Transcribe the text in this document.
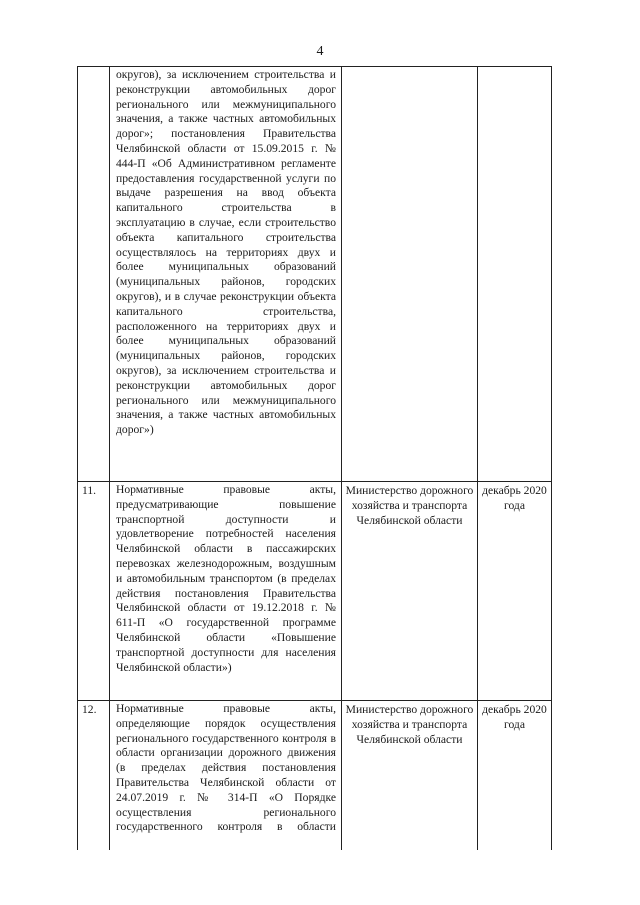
4

	округов), за исключением строительства и реконструкции автомобильных дорог регионального или межмуниципального значения, а также частных автомобильных дорог»; постановления Правительства Челябинской области от 15.09.2015 г. № 444-П «Об Административном регламенте предоставления государственной услуги по выдаче разрешения на ввод объекта капитального строительства в эксплуатацию в случае, если строительство объекта капитального строительства осуществлялось на территориях двух и более муниципальных образований (муниципальных районов, городских округов), и в случае реконструкции объекта капитального строительства, расположенного на территориях двух и более муниципальных образований (муниципальных районов, городских округов), за исключением строительства и реконструкции автомобильных дорог регионального или межмуниципального значения, а также частных автомобильных дорог»)		

11.	Нормативные правовые акты, предусматривающие повышение транспортной доступности и удовлетворение потребностей населения Челябинской области в пассажирских перевозках железнодорожным, воздушным и автомобильным транспортом (в пределах действия постановления Правительства Челябинской области от 19.12.2018 г. № 611-П «О государственной программе Челябинской области «Повышение транспортной доступности для населения Челябинской области»)	Министерство дорожного хозяйства и транспорта Челябинской области	декабрь 2020 года
12.	Нормативные правовые акты, определяющие порядок осуществления регионального государственного контроля в области организации дорожного движения (в пределах действия постановления Правительства Челябинской области от 24.07.2019 г. № 314-П «О Порядке осуществления регионального государственного контроля в области	Министерство дорожного хозяйства и транспорта Челябинской области	декабрь 2020 года
